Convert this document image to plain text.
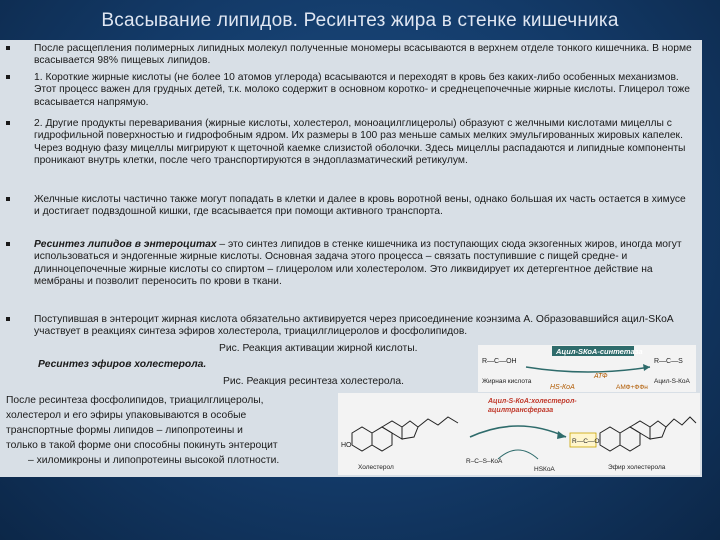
Всасывание липидов. Ресинтез жира в стенке кишечника
После расщепления полимерных липидных молекул полученные мономеры всасываются в верхнем отделе тонкого кишечника. В норме всасывается 98% пищевых липидов.
1. Короткие жирные кислоты (не более 10 атомов углерода) всасываются и переходят в кровь без каких-либо особенных механизмов. Этот процесс важен для грудных детей, т.к. молоко содержит в основном коротко- и среднецепочечные жирные кислоты. Глицерол тоже всасывается напрямую.
2. Другие продукты переваривания (жирные кислоты, холестерол, моноацилглицеролы) образуют с желчными кислотами мицеллы с гидрофильной поверхностью и гидрофобным ядром. Их размеры в 100 раз меньше самых мелких эмульгированных жировых капелек. Через водную фазу мицеллы мигрируют к щеточной каемке слизистой оболочки. Здесь мицеллы распадаются и липидные компоненты проникают внутрь клетки, после чего транспортируются в эндоплазматический ретикулум.
Желчные кислоты частично также могут попадать в клетки и далее в кровь воротной вены, однако большая их часть остается в химусе и достигает подвздошной кишки, где всасывается при помощи активного транспорта.
Ресинтез липидов в энтероцитах – это синтез липидов в стенке кишечника из поступающих сюда экзогенных жиров, иногда могут использоваться и эндогенные жирные кислоты. Основная задача этого процесса – связать поступившие с пищей средне- и длинноцепочечные жирные кислоты со спиртом – глицеролом или холестеролом. Это ликвидирует их детергентное действие на мембраны и позволит переносить по крови в ткани.
Поступившая в энтероцит жирная кислота обязательно активируется через присоединение коэнзима А. Образовавшийся ацил-SКоА участвует в реакциях синтеза эфиров холестерола, триацилглицеролов и фосфолипидов.
Рис. Реакция активации жирной кислоты.
Ресинтез эфиров холестерола.
Рис. Реакция ресинтеза холестерола.
После ресинтеза фосфолипидов, триацилглицеролы,
холестерол и его эфиры упаковываются в особые
транспортные формы липидов – липопротеины и
только в такой форме они способны покинуть энтероцит
– хиломикроны и липопротеины высокой плотности.
Ацил-SКоА-синтетаза
R—C—OH
Жирная кислота
HS-КоА
АТФ
АМФ+ФФн
R—C—S
Ацил-S-КоА
HO
Холестерол
Ацил-S-КоА:холестерол-
ацилтрансфераза
R–C–S–КоА
HSКоА
R—C—O
Эфир холестерола
